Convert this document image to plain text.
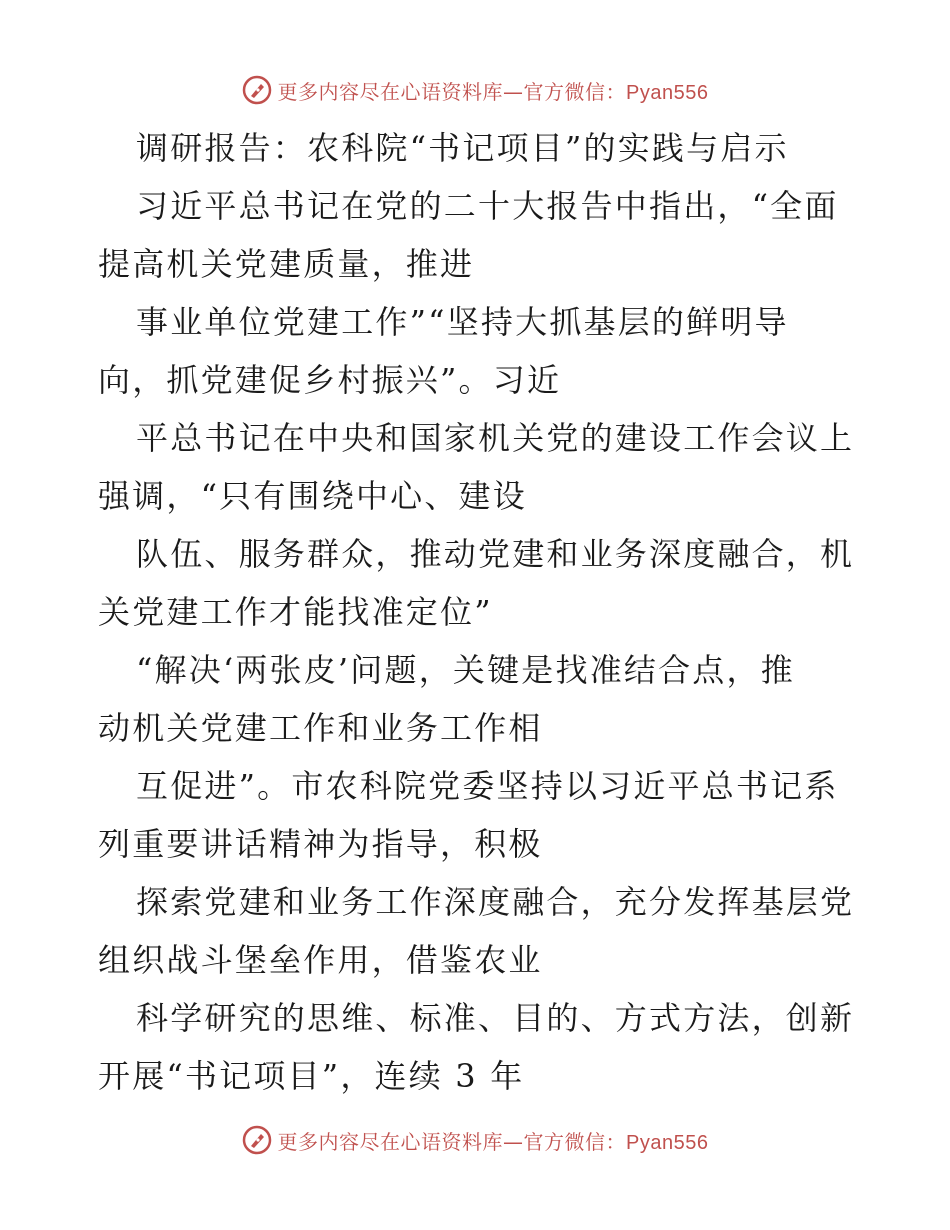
更多内容尽在心语资料库—官方微信：Pyan556
调研报告：农科院“书记项目”的实践与启示
习近平总书记在党的二十大报告中指出，“全面
提高机关党建质量，推进
事业单位党建工作”“坚持大抓基层的鲜明导
向，抓党建促乡村振兴”。习近
平总书记在中央和国家机关党的建设工作会议上
强调，“只有围绕中心、建设
队伍、服务群众，推动党建和业务深度融合，机
关党建工作才能找准定位”
“解决‘两张皮’问题，关键是找准结合点，推
动机关党建工作和业务工作相
互促进”。市农科院党委坚持以习近平总书记系
列重要讲话精神为指导，积极
探索党建和业务工作深度融合，充分发挥基层党
组织战斗堡垒作用，借鉴农业
科学研究的思维、标准、目的、方式方法，创新
开展“书记项目”，连续 3 年
更多内容尽在心语资料库—官方微信：Pyan556
